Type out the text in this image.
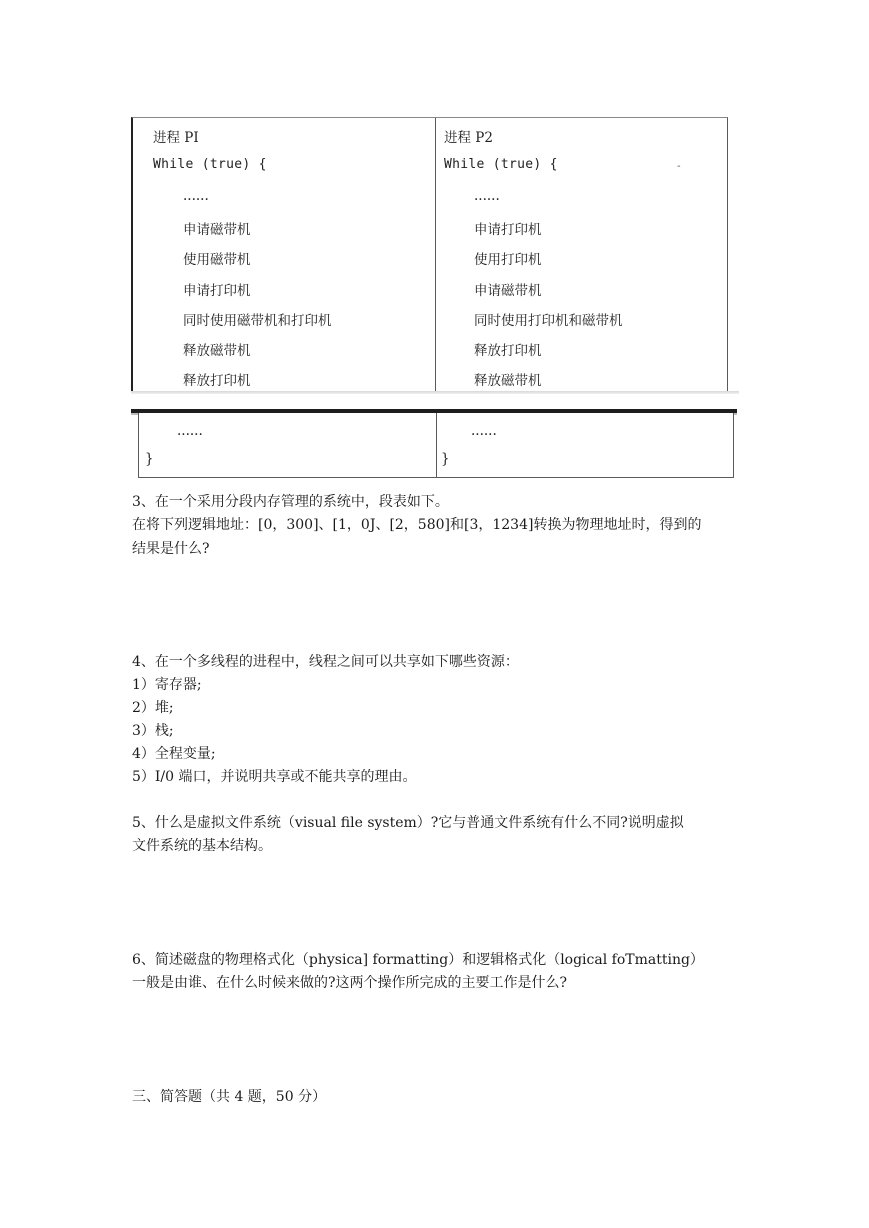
进程 PI
While (true) {
......
申请磁带机
使用磁带机
申请打印机
同时使用磁带机和打印机
释放磁带机
释放打印机
进程 P2
While (true) {
......
申请打印机
使用打印机
申请磁带机
同时使用打印机和磁带机
释放打印机
释放磁带机
-
......
}
......
}
3、在一个采用分段内存管理的系统中，段表如下。
在将下列逻辑地址：[0，300]、[1，0J、[2，580]和[3，1234]转换为物理地址时，得到的
结果是什么?
4、在一个多线程的进程中，线程之间可以共享如下哪些资源：
1）寄存器;
2）堆;
3）栈;
4）全程变量;
5）I/0 端口，并说明共享或不能共享的理由。
5、什么是虚拟文件系统（visual file system）?它与普通文件系统有什么不同?说明虚拟
文件系统的基本结构。
6、简述磁盘的物理格式化（physica] formatting）和逻辑格式化（logical foTmatting）
一般是由谁、在什么时候来做的?这两个操作所完成的主要工作是什么?
三、简答题（共 4 题，50 分）
